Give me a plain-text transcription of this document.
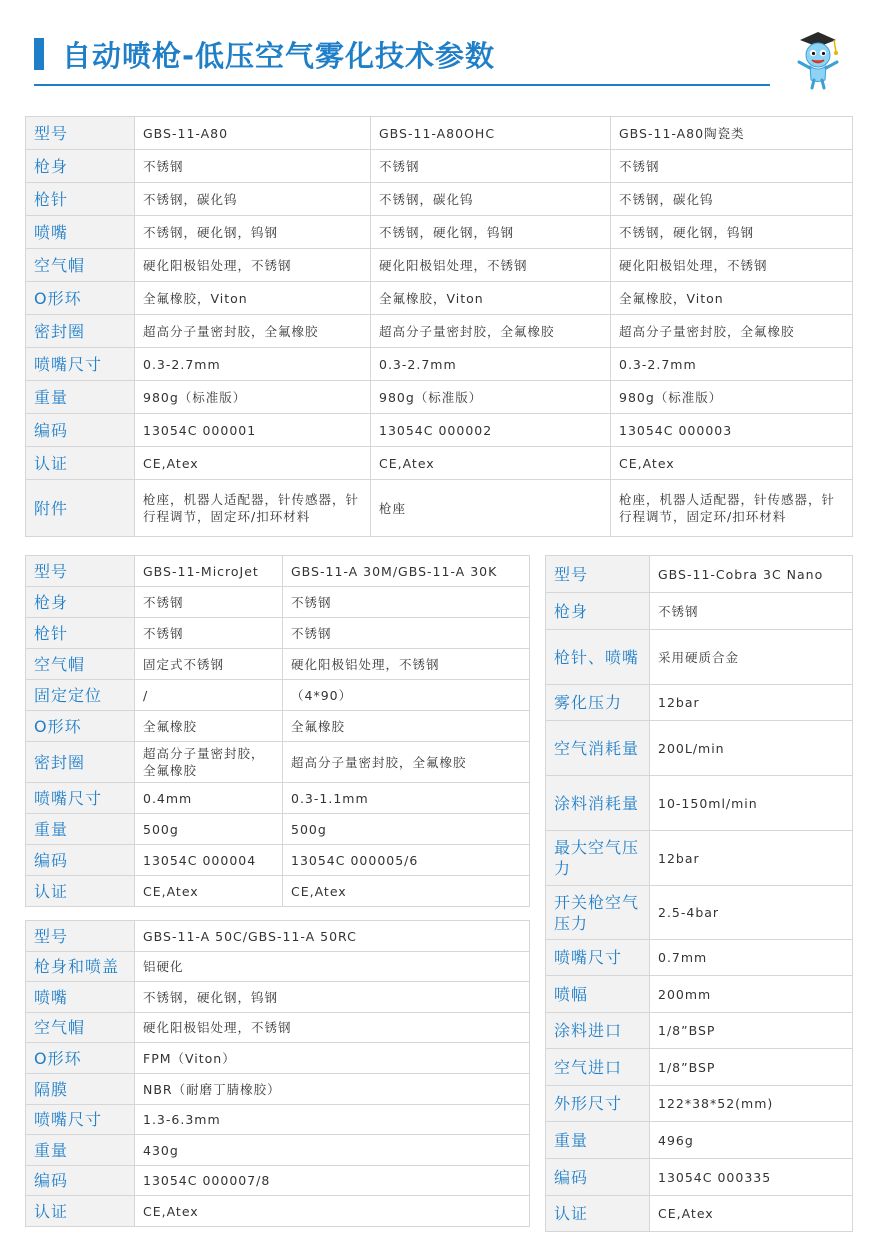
自动喷枪-低压空气雾化技术参数
型号	GBS-11-A80	GBS-11-A80OHC	GBS-11-A80陶瓷类
枪身	不锈钢	不锈钢	不锈钢
枪针	不锈钢，碳化钨	不锈钢，碳化钨	不锈钢，碳化钨
喷嘴	不锈钢，硬化钢，钨钢	不锈钢，硬化钢，钨钢	不锈钢，硬化钢，钨钢
空气帽	硬化阳极铝处理，不锈钢	硬化阳极铝处理，不锈钢	硬化阳极铝处理，不锈钢
O形环	全氟橡胶，Viton	全氟橡胶，Viton	全氟橡胶，Viton
密封圈	超高分子量密封胶，全氟橡胶	超高分子量密封胶，全氟橡胶	超高分子量密封胶，全氟橡胶
喷嘴尺寸	0.3-2.7mm	0.3-2.7mm	0.3-2.7mm
重量	980g（标准版）	980g（标准版）	980g（标准版）
编码	13054C 000001	13054C 000002	13054C 000003
认证	CE,Atex	CE,Atex	CE,Atex
附件	枪座，机器人适配器，针传感器，针行程调节，固定环/扣环材料	枪座	枪座，机器人适配器，针传感器，针行程调节，固定环/扣环材料
型号	GBS-11-MicroJet	GBS-11-A 30M/GBS-11-A 30K
枪身	不锈钢	不锈钢
枪针	不锈钢	不锈钢
空气帽	固定式不锈钢	硬化阳极铝处理，不锈钢
固定定位	/	（4*90）
O形环	全氟橡胶	全氟橡胶
密封圈	超高分子量密封胶，全氟橡胶	超高分子量密封胶，全氟橡胶
喷嘴尺寸	0.4mm	0.3-1.1mm
重量	500g	500g
编码	13054C 000004	13054C 000005/6
认证	CE,Atex	CE,Atex
型号	GBS-11-A 50C/GBS-11-A 50RC
枪身和喷盖	铝硬化
喷嘴	不锈钢，硬化钢，钨钢
空气帽	硬化阳极铝处理，不锈钢
O形环	FPM（Viton）
隔膜	NBR（耐磨丁腈橡胶）
喷嘴尺寸	1.3-6.3mm
重量	430g
编码	13054C 000007/8
认证	CE,Atex
型号	GBS-11-Cobra 3C Nano
枪身	不锈钢
枪针、喷嘴	采用硬质合金
雾化压力	12bar
空气消耗量	200L/min
涂料消耗量	10-150ml/min
最大空气压力	12bar
开关枪空气压力	2.5-4bar
喷嘴尺寸	0.7mm
喷幅	200mm
涂料进口	1/8”BSP
空气进口	1/8”BSP
外形尺寸	122*38*52(mm)
重量	496g
编码	13054C 000335
认证	CE,Atex
